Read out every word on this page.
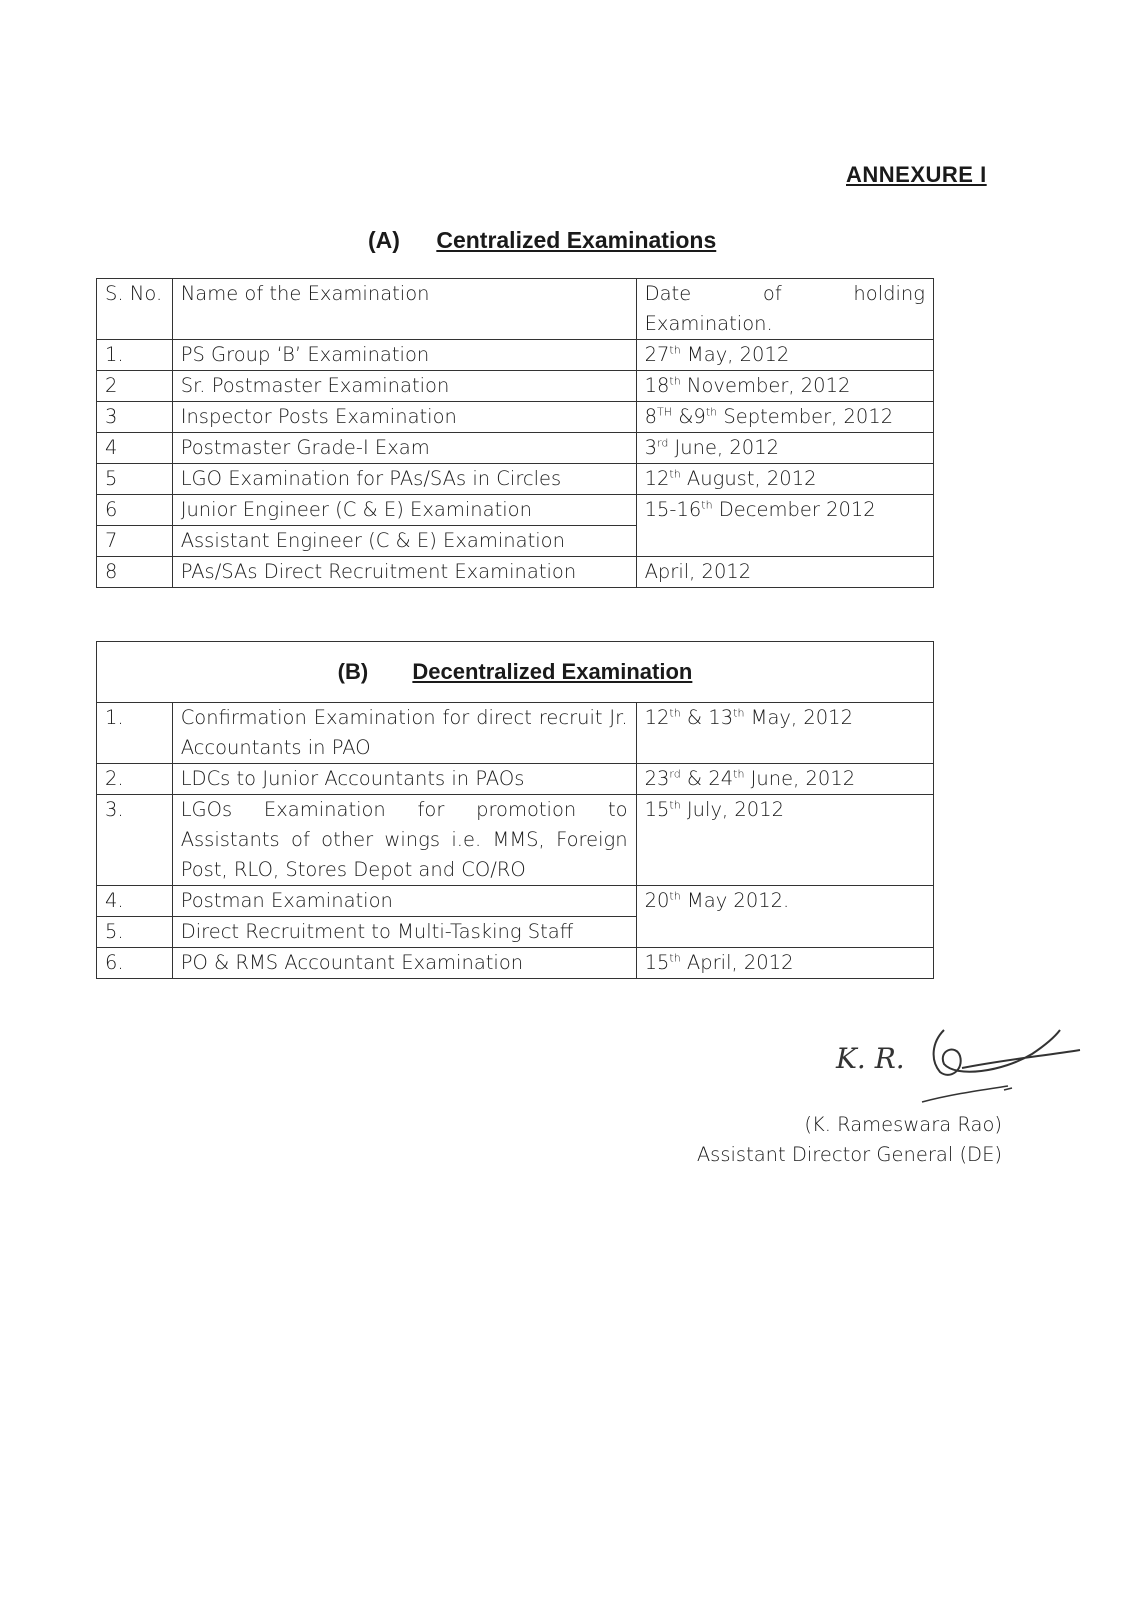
ANNEXURE I
(A) Centralized Examinations
S. No.	Name of the Examination	Date of holding
Examination.

1.	PS Group ‘B’ Examination	27th May, 2012
2	Sr. Postmaster Examination	18th November, 2012
3	Inspector Posts Examination	8TH &9th September, 2012
4	Postmaster Grade-I Exam	3rd June, 2012
5	LGO Examination for PAs/SAs in Circles	12th August, 2012
6	Junior Engineer (C & E) Examination	15-16th December 2012
7	Assistant Engineer (C & E) Examination	
8	PAs/SAs Direct Recruitment Examination	April, 2012
(B) Decentralized Examination		
1.	Confirmation Examination for direct recruit Jr. Accountants in PAO	12th & 13th May, 2012
2.	LDCs to Junior Accountants in PAOs	23rd & 24th June, 2012
3.	LGOs Examination for promotion to Assistants of other wings i.e. MMS, Foreign Post, RLO, Stores Depot and CO/RO	15th July, 2012
4.	Postman Examination	20th May 2012.
5.	Direct Recruitment to Multi-Tasking Staff	
6.	PO & RMS Accountant Examination	15th April, 2012
K. R.
(K. Rameswara Rao)
Assistant Director General (DE)
